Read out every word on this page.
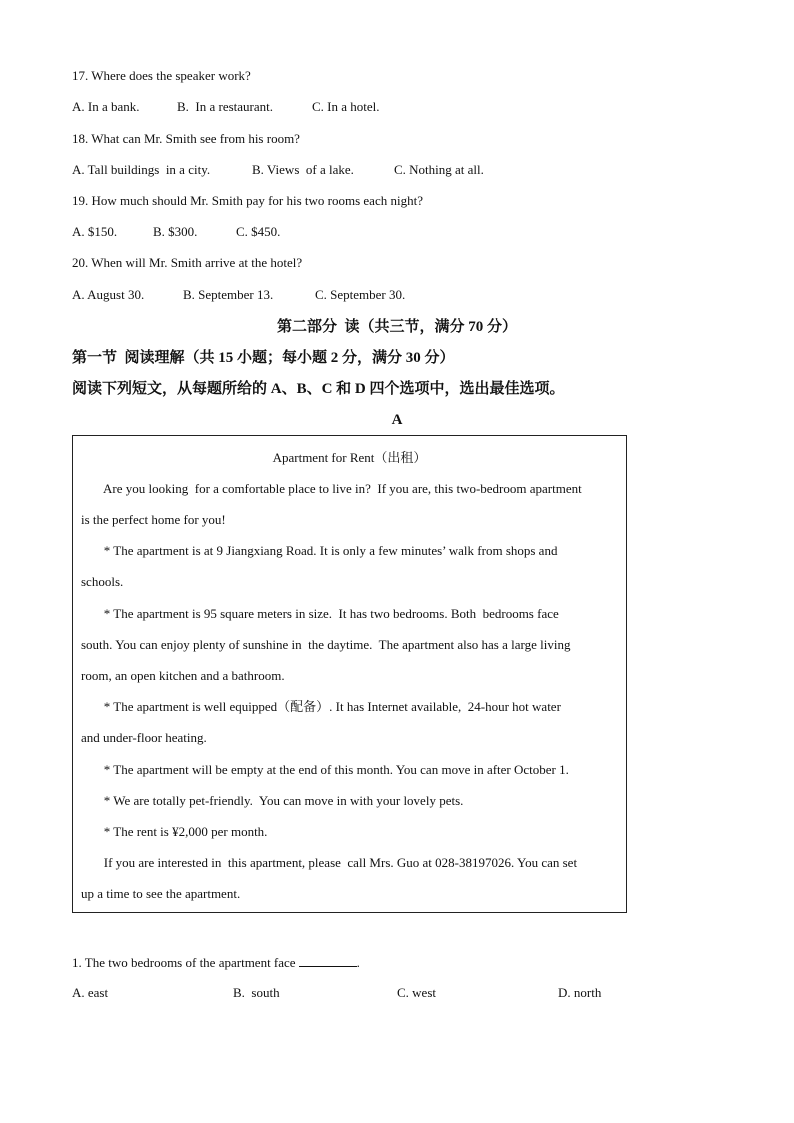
17. Where does the speaker work?
A. In a bank.	B.  In a restaurant.	C. In a hotel.
18. What can Mr. Smith see from his room?
A. Tall buildings  in a city.	B. Views  of a lake.	C. Nothing at all.
19. How much should Mr. Smith pay for his two rooms each night?
A. $150.	B. $300.	C. $450.
20. When will Mr. Smith arrive at the hotel?
A. August 30.	B. September 13.	C. September 30.
第二部分  读（共三节，满分 70 分）
第一节  阅读理解（共 15 小题；每小题 2 分，满分 30 分）
阅读下列短文，从每题所给的 A、B、C 和 D 四个选项中，选出最佳选项。
A
Apartment for Rent（出租）
Are you looking  for a comfortable place to live in?  If you are, this two-bedroom apartment
is the perfect home for you!
* The apartment is at 9 Jiangxiang Road. It is only a few minutes’ walk from shops and
schools.
* The apartment is 95 square meters in size.  It has two bedrooms. Both  bedrooms face
south. You can enjoy plenty of sunshine in  the daytime.  The apartment also has a large living
room, an open kitchen and a bathroom.
* The apartment is well equipped（配备）. It has Internet available,  24-hour hot water
and under-floor heating.
* The apartment will be empty at the end of this month. You can move in after October 1.
* We are totally pet-friendly.  You can move in with your lovely pets.
* The rent is ¥2,000 per month.
If you are interested in  this apartment, please  call Mrs. Guo at 028-38197026. You can set
up a time to see the apartment.
1. The two bedrooms of the apartment face	.
A. east	B.  south	C. west	D. north
